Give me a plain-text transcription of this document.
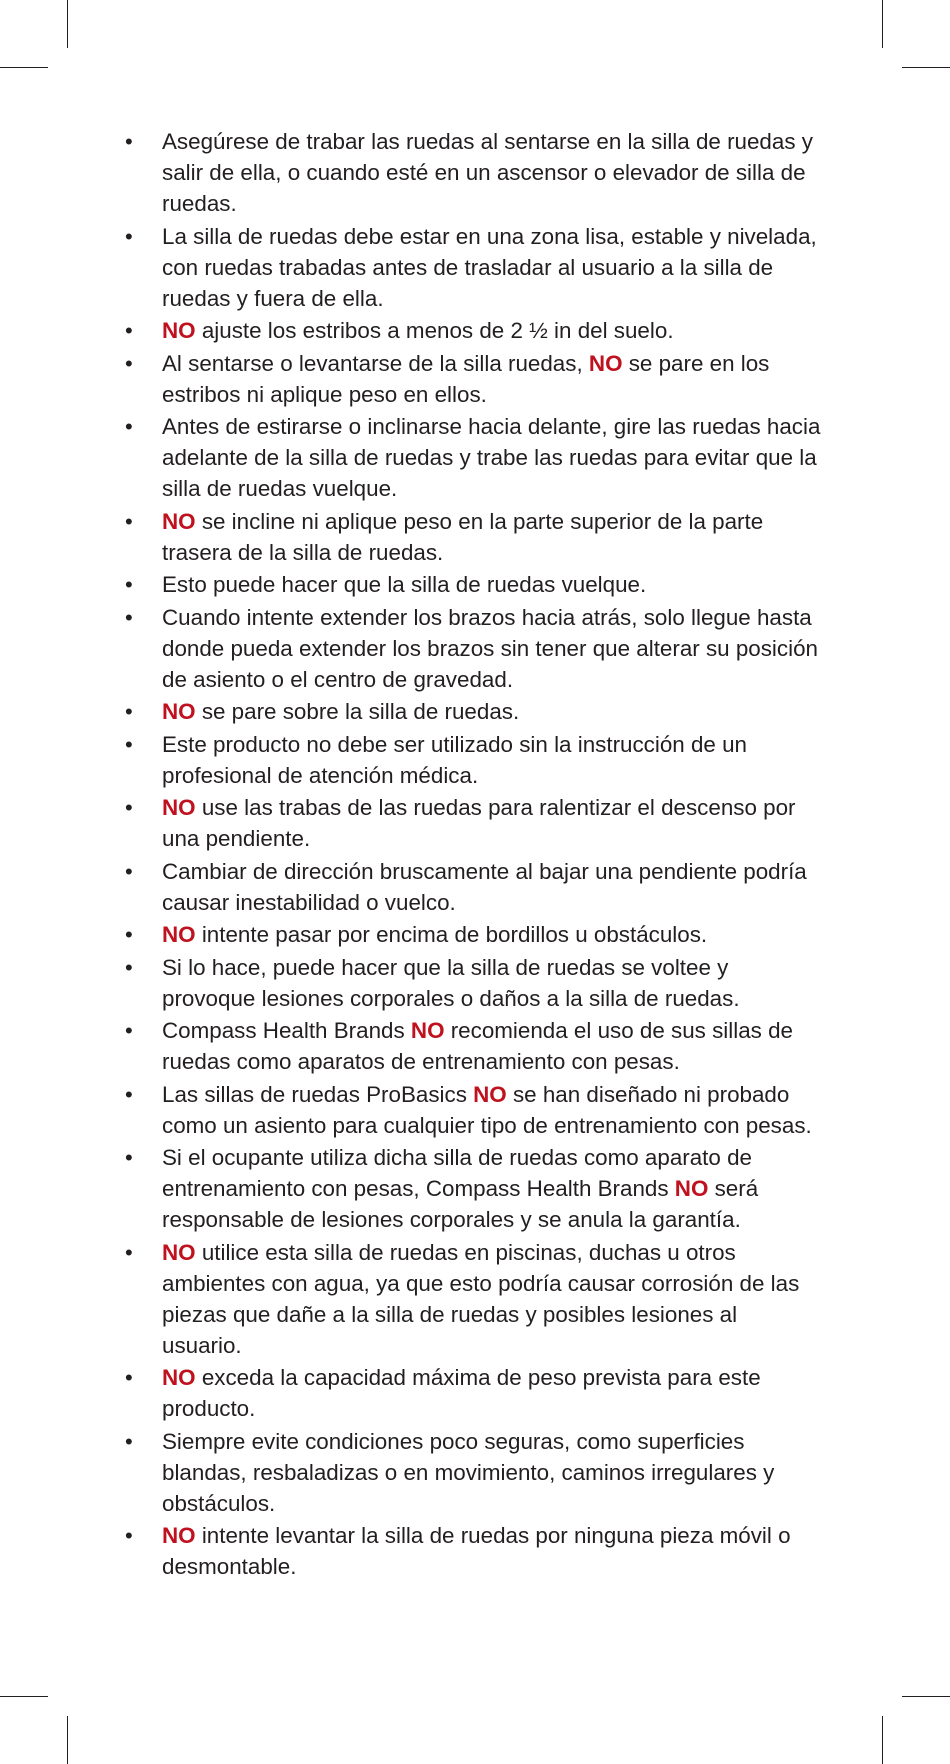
• Asegúrese de trabar las ruedas al sentarse en la silla de ruedas y salir de ella, o cuando esté en un ascensor o elevador de silla de ruedas.
• La silla de ruedas debe estar en una zona lisa, estable y nivelada, con ruedas trabadas antes de trasladar al usuario a la silla de ruedas y fuera de ella.
• NO ajuste los estribos a menos de 2 ½ in del suelo.
• Al sentarse o levantarse de la silla ruedas, NO se pare en los estribos ni aplique peso en ellos.
• Antes de estirarse o inclinarse hacia delante, gire las ruedas hacia adelante de la silla de ruedas y trabe las ruedas para evitar que la silla de ruedas vuelque.
• NO se incline ni aplique peso en la parte superior de la parte trasera de la silla de ruedas.
• Esto puede hacer que la silla de ruedas vuelque.
• Cuando intente extender los brazos hacia atrás, solo llegue hasta donde pueda extender los brazos sin tener que alterar su posición de asiento o el centro de gravedad.
• NO se pare sobre la silla de ruedas.
• Este producto no debe ser utilizado sin la instrucción de un profesional de atención médica.
• NO use las trabas de las ruedas para ralentizar el descenso por una pendiente.
• Cambiar de dirección bruscamente al bajar una pendiente podría causar inestabilidad o vuelco.
• NO intente pasar por encima de bordillos u obstáculos.
• Si lo hace, puede hacer que la silla de ruedas se voltee y provoque lesiones corporales o daños a la silla de ruedas.
• Compass Health Brands NO recomienda el uso de sus sillas de ruedas como aparatos de entrenamiento con pesas.
• Las sillas de ruedas ProBasics NO se han diseñado ni probado como un asiento para cualquier tipo de entrenamiento con pesas.
• Si el ocupante utiliza dicha silla de ruedas como aparato de entrenamiento con pesas, Compass Health Brands NO será responsable de lesiones corporales y se anula la garantía.
• NO utilice esta silla de ruedas en piscinas, duchas u otros ambientes con agua, ya que esto podría causar corrosión de las piezas que dañe a la silla de ruedas y posibles lesiones al usuario.
• NO exceda la capacidad máxima de peso prevista para este producto.
• Siempre evite condiciones poco seguras, como superficies blandas, resbaladizas o en movimiento, caminos irregulares y obstáculos.
• NO intente levantar la silla de ruedas por ninguna pieza móvil o desmontable.
